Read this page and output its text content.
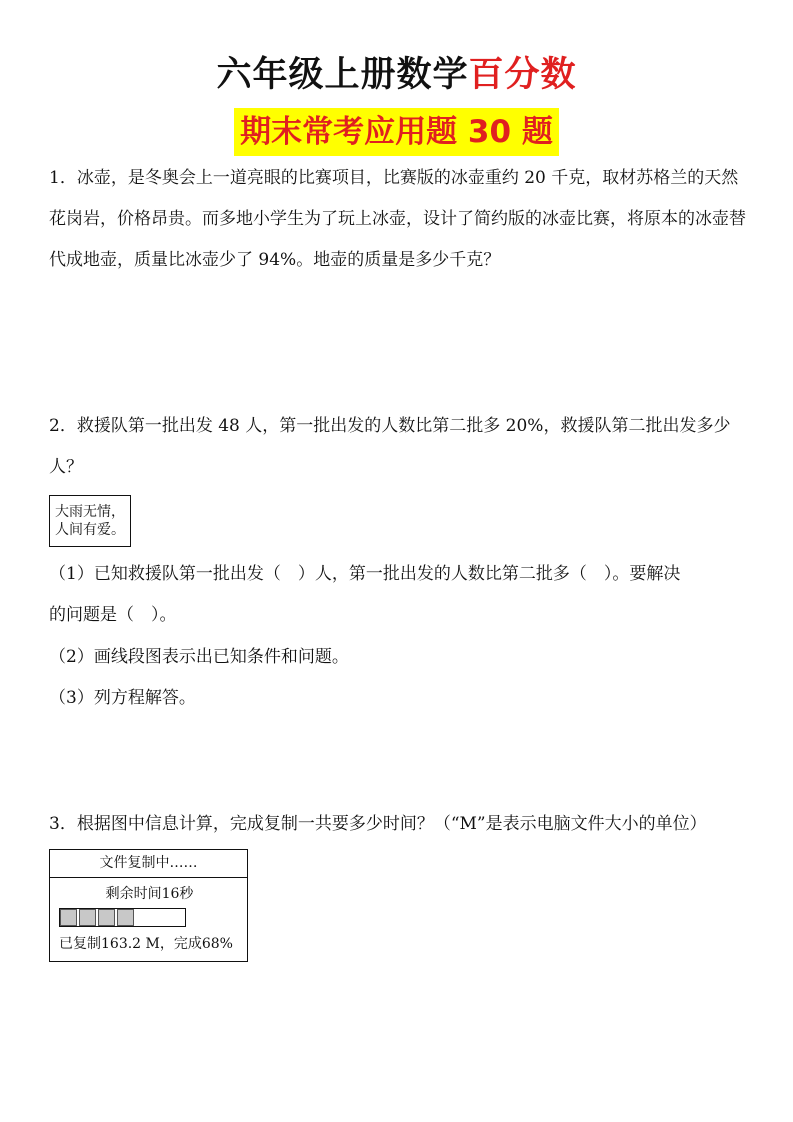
六年级上册数学百分数
期末常考应用题 30 题

1．冰壶，是冬奥会上一道亮眼的比赛项目，比赛版的冰壶重约 20 千克，取材苏格兰的天然花岗岩，价格昂贵。而多地小学生为了玩上冰壶，设计了简约版的冰壶比赛，将原本的冰壶替代成地壶，质量比冰壶少了 94%。地壶的质量是多少千克？

2．救援队第一批出发 48 人，第一批出发的人数比第二批多 20%，救援队第二批出发多少人？

大雨无情，
人间有爱。
（1）已知救援队第一批出发（　）人，第一批出发的人数比第二批多（　）。要解决
的问题是（　）。
（2）画线段图表示出已知条件和问题。
（3）列方程解答。
3．根据图中信息计算，完成复制一共要多少时间？（“M”是表示电脑文件大小的单位）
文件复制中……
剩余时间16秒
已复制163.2 M，完成68%
